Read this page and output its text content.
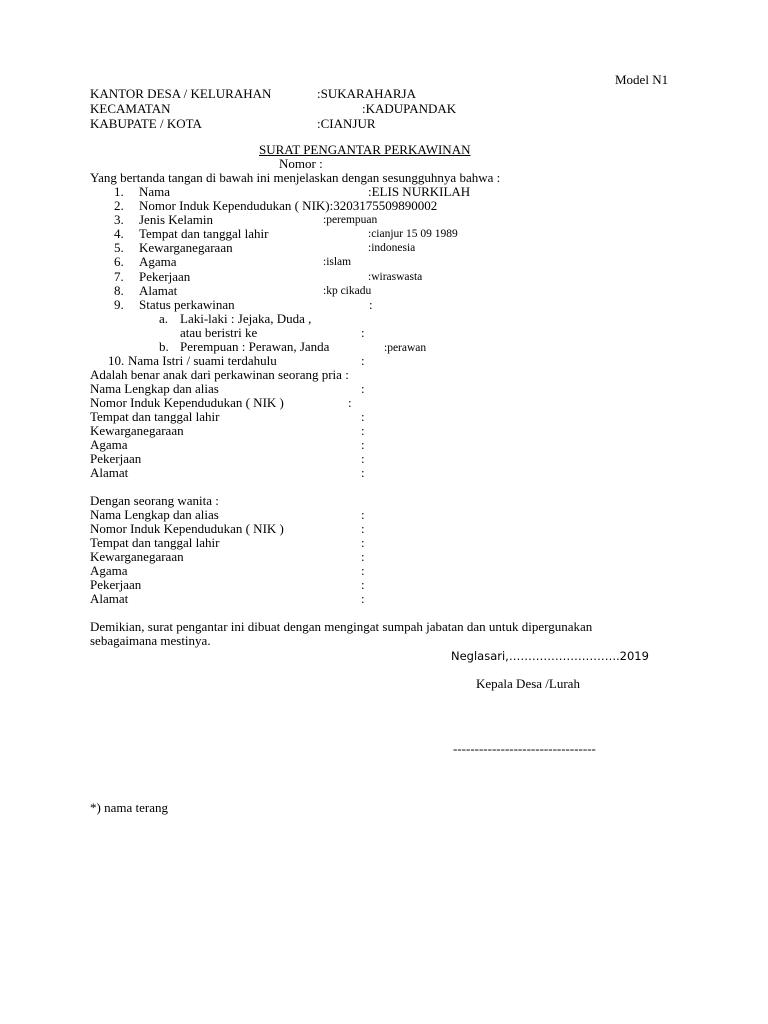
Model N1
KANTOR DESA / KELURAHAN	:SUKARAHARJA
KECAMATAN	:KADUPANDAK
KABUPATE / KOTA	:CIANJUR
SURAT PENGANTAR PERKAWINAN
Nomor :
Yang bertanda tangan di bawah ini menjelaskan dengan sesungguhnya bahwa :
1. Nama	:ELIS NURKILAH
2. Nomor Induk Kependudukan ( NIK):3203175509890002
3. Jenis Kelamin	:perempuan
4. Tempat dan tanggal lahir	:cianjur 15 09 1989
5. Kewarganegaraan	:indonesia
6. Agama	:islam
7. Pekerjaan	:wiraswasta
8. Alamat	:kp cikadu
9. Status perkawinan	:
a. Laki-laki : Jejaka, Duda ,
atau beristri ke	:
b. Perempuan : Perawan, Janda	:perawan
10. Nama Istri / suami terdahulu	:
Adalah benar anak dari perkawinan seorang pria :
Nama Lengkap dan alias	:
Nomor Induk Kependudukan ( NIK )	:
Tempat dan tanggal lahir	:
Kewarganegaraan	:
Agama	:
Pekerjaan	:
Alamat	:
Dengan seorang wanita :
Nama Lengkap dan alias	:
Nomor Induk Kependudukan ( NIK )	:
Tempat dan tanggal lahir	:
Kewarganegaraan	:
Agama	:
Pekerjaan	:
Alamat	:
Demikian, surat pengantar ini dibuat dengan mengingat sumpah jabatan dan untuk dipergunakan
sebagaimana mestinya.
Neglasari,………………………..2019
Kepala Desa /Lurah
---------------------------------
*) nama terang
